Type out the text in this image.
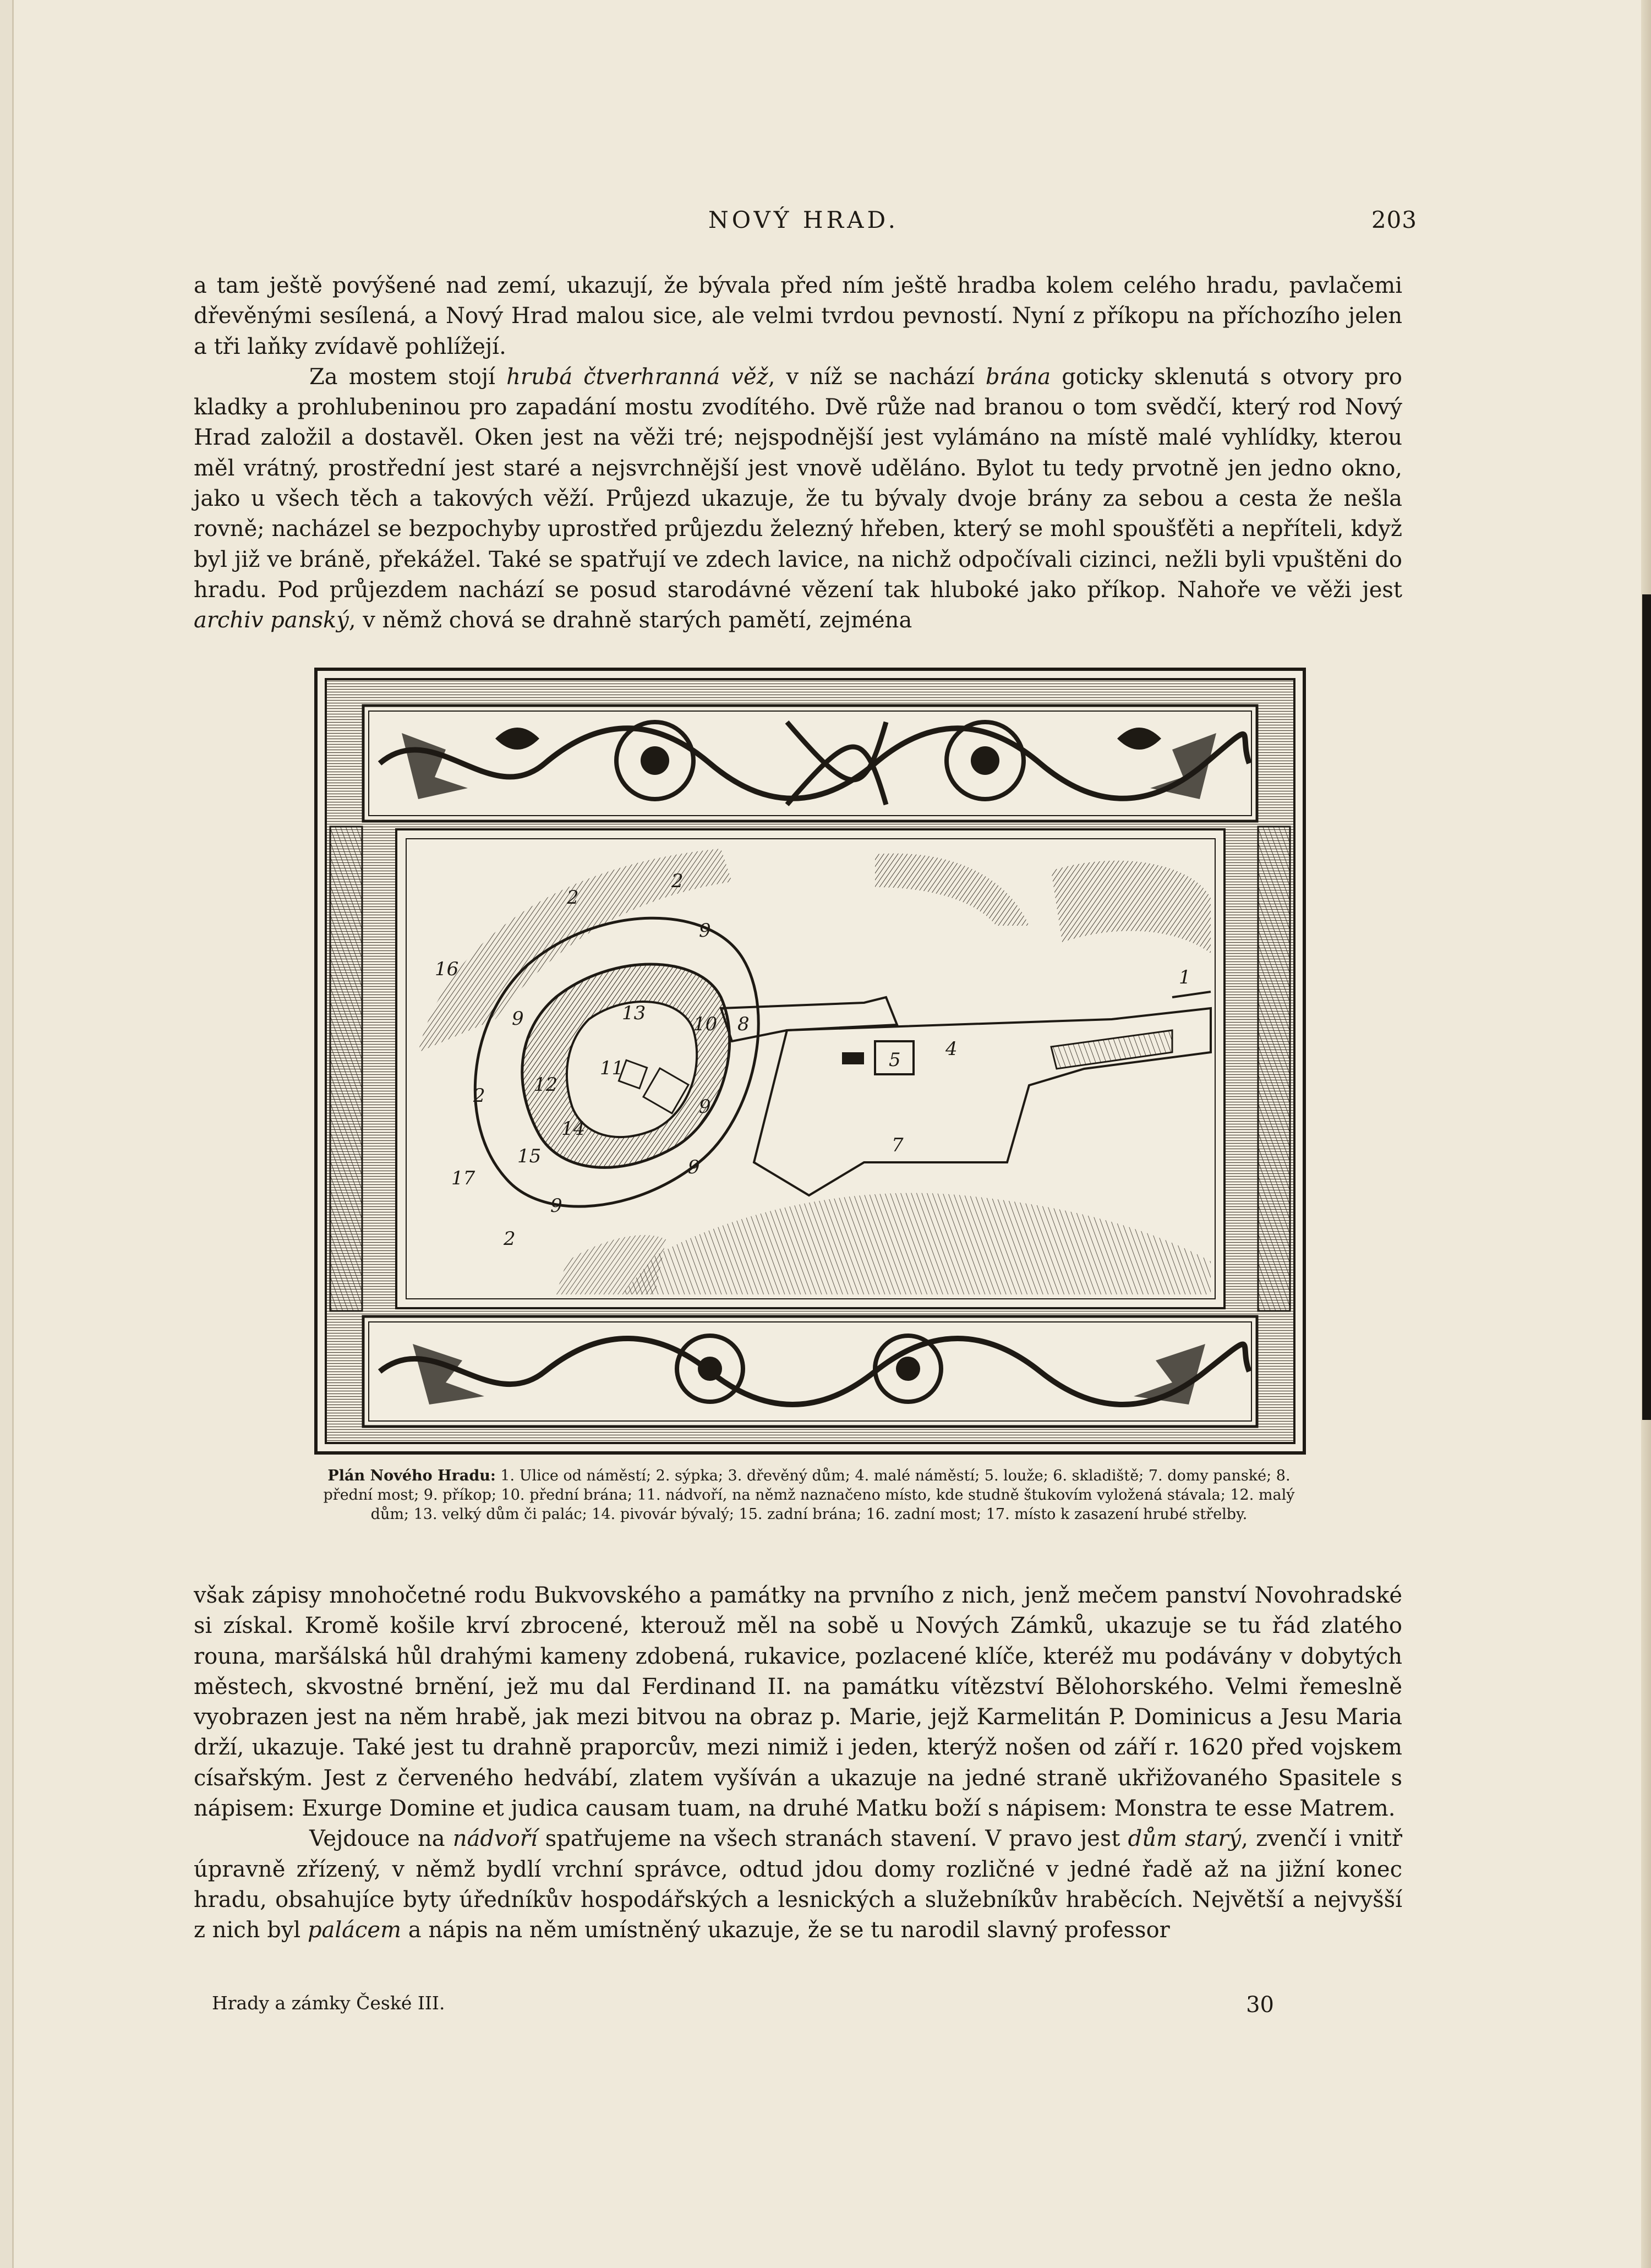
NOVÝ HRAD.	203

a tam ještě povýšené nad zemí, ukazují, že bývala před ním ještě hradba kolem celého hradu, pavlačemi dřevěnými sesílená, a Nový Hrad malou sice, ale velmi tvrdou pevností. Nyní z příkopu na příchozího jelen a tři laňky zvídavě pohlížejí.

Za mostem stojí hrubá čtverhranná věž, v níž se nachází brána goticky sklenutá s otvory pro kladky a prohlubeninou pro zapadání mostu zvodítého. Dvě růže nad branou o tom svědčí, který rod Nový Hrad založil a dostavěl. Oken jest na věži tré; nejspodnější jest vylámáno na místě malé vyhlídky, kterou měl vrátný, prostřední jest staré a nejsvrchnější jest vnově uděláno. Bylot tu tedy prvotně jen jedno okno, jako u všech těch a takových věží. Průjezd ukazuje, že tu bývaly dvoje brány za sebou a cesta že nešla rovně; nacházel se bezpochyby uprostřed průjezdu železný hřeben, který se mohl spoušťěti a nepříteli, když byl již ve bráně, překážel. Také se spatřují ve zdech lavice, na nichž odpočívali cizinci, nežli byli vpuštěni do hradu. Pod průjezdem nachází se posud starodávné vězení tak hluboké jako příkop. Nahoře ve věži jest archiv panský, v němž chová se drahně starých pamětí, zejména

1
2
2
2
2
4
5
7
8
9
9
9
9
9
10
11
12
13
14
15
16
17
Plán Nového Hradu: 1. Ulice od náměstí; 2. sýpka; 3. dřevěný dům; 4. malé náměstí; 5. louže; 6. skladiště; 7. domy panské; 8. přední most; 9. příkop; 10. přední brána; 11. nádvoří, na němž naznačeno místo, kde studně štukovím vyložená stávala; 12. malý dům; 13. velký dům či palác; 14. pivovár bývalý; 15. zadní brána; 16. zadní most; 17. místo k zasazení hrubé střelby.

však zápisy mnohočetné rodu Bukvovského a památky na prvního z nich, jenž mečem panství Novohradské si získal. Kromě košile krví zbrocené, kterouž měl na sobě u Nových Zámků, ukazuje se tu řád zlatého rouna, maršálská hůl drahými kameny zdobená, rukavice, pozlacené klíče, kteréž mu podávány v dobytých městech, skvostné brnění, jež mu dal Ferdinand II. na památku vítězství Bělohorského. Velmi řemeslně vyobrazen jest na něm hrabě, jak mezi bitvou na obraz p. Marie, jejž Karmelitán P. Dominicus a Jesu Maria drží, ukazuje. Také jest tu drahně praporcův, mezi nimiž i jeden, kterýž nošen od září r. 1620 před vojskem císařským. Jest z červeného hedvábí, zlatem vyšíván a ukazuje na jedné straně ukřižovaného Spasitele s nápisem: Exurge Domine et judica causam tuam, na druhé Matku boží s nápisem: Monstra te esse Matrem.

Vejdouce na nádvoří spatřujeme na všech stranách stavení. V pravo jest dům starý, zvenčí i vnitř úpravně zřízený, v němž bydlí vrchní správce, odtud jdou domy rozličné v jedné řadě až na jižní konec hradu, obsahujíce byty úředníkův hospodářských a lesnických a služebníkův hraběcích. Největší a nejvyšší z nich byl palácem a nápis na něm umístněný ukazuje, že se tu narodil slavný professor

Hrady a zámky České III.	30
